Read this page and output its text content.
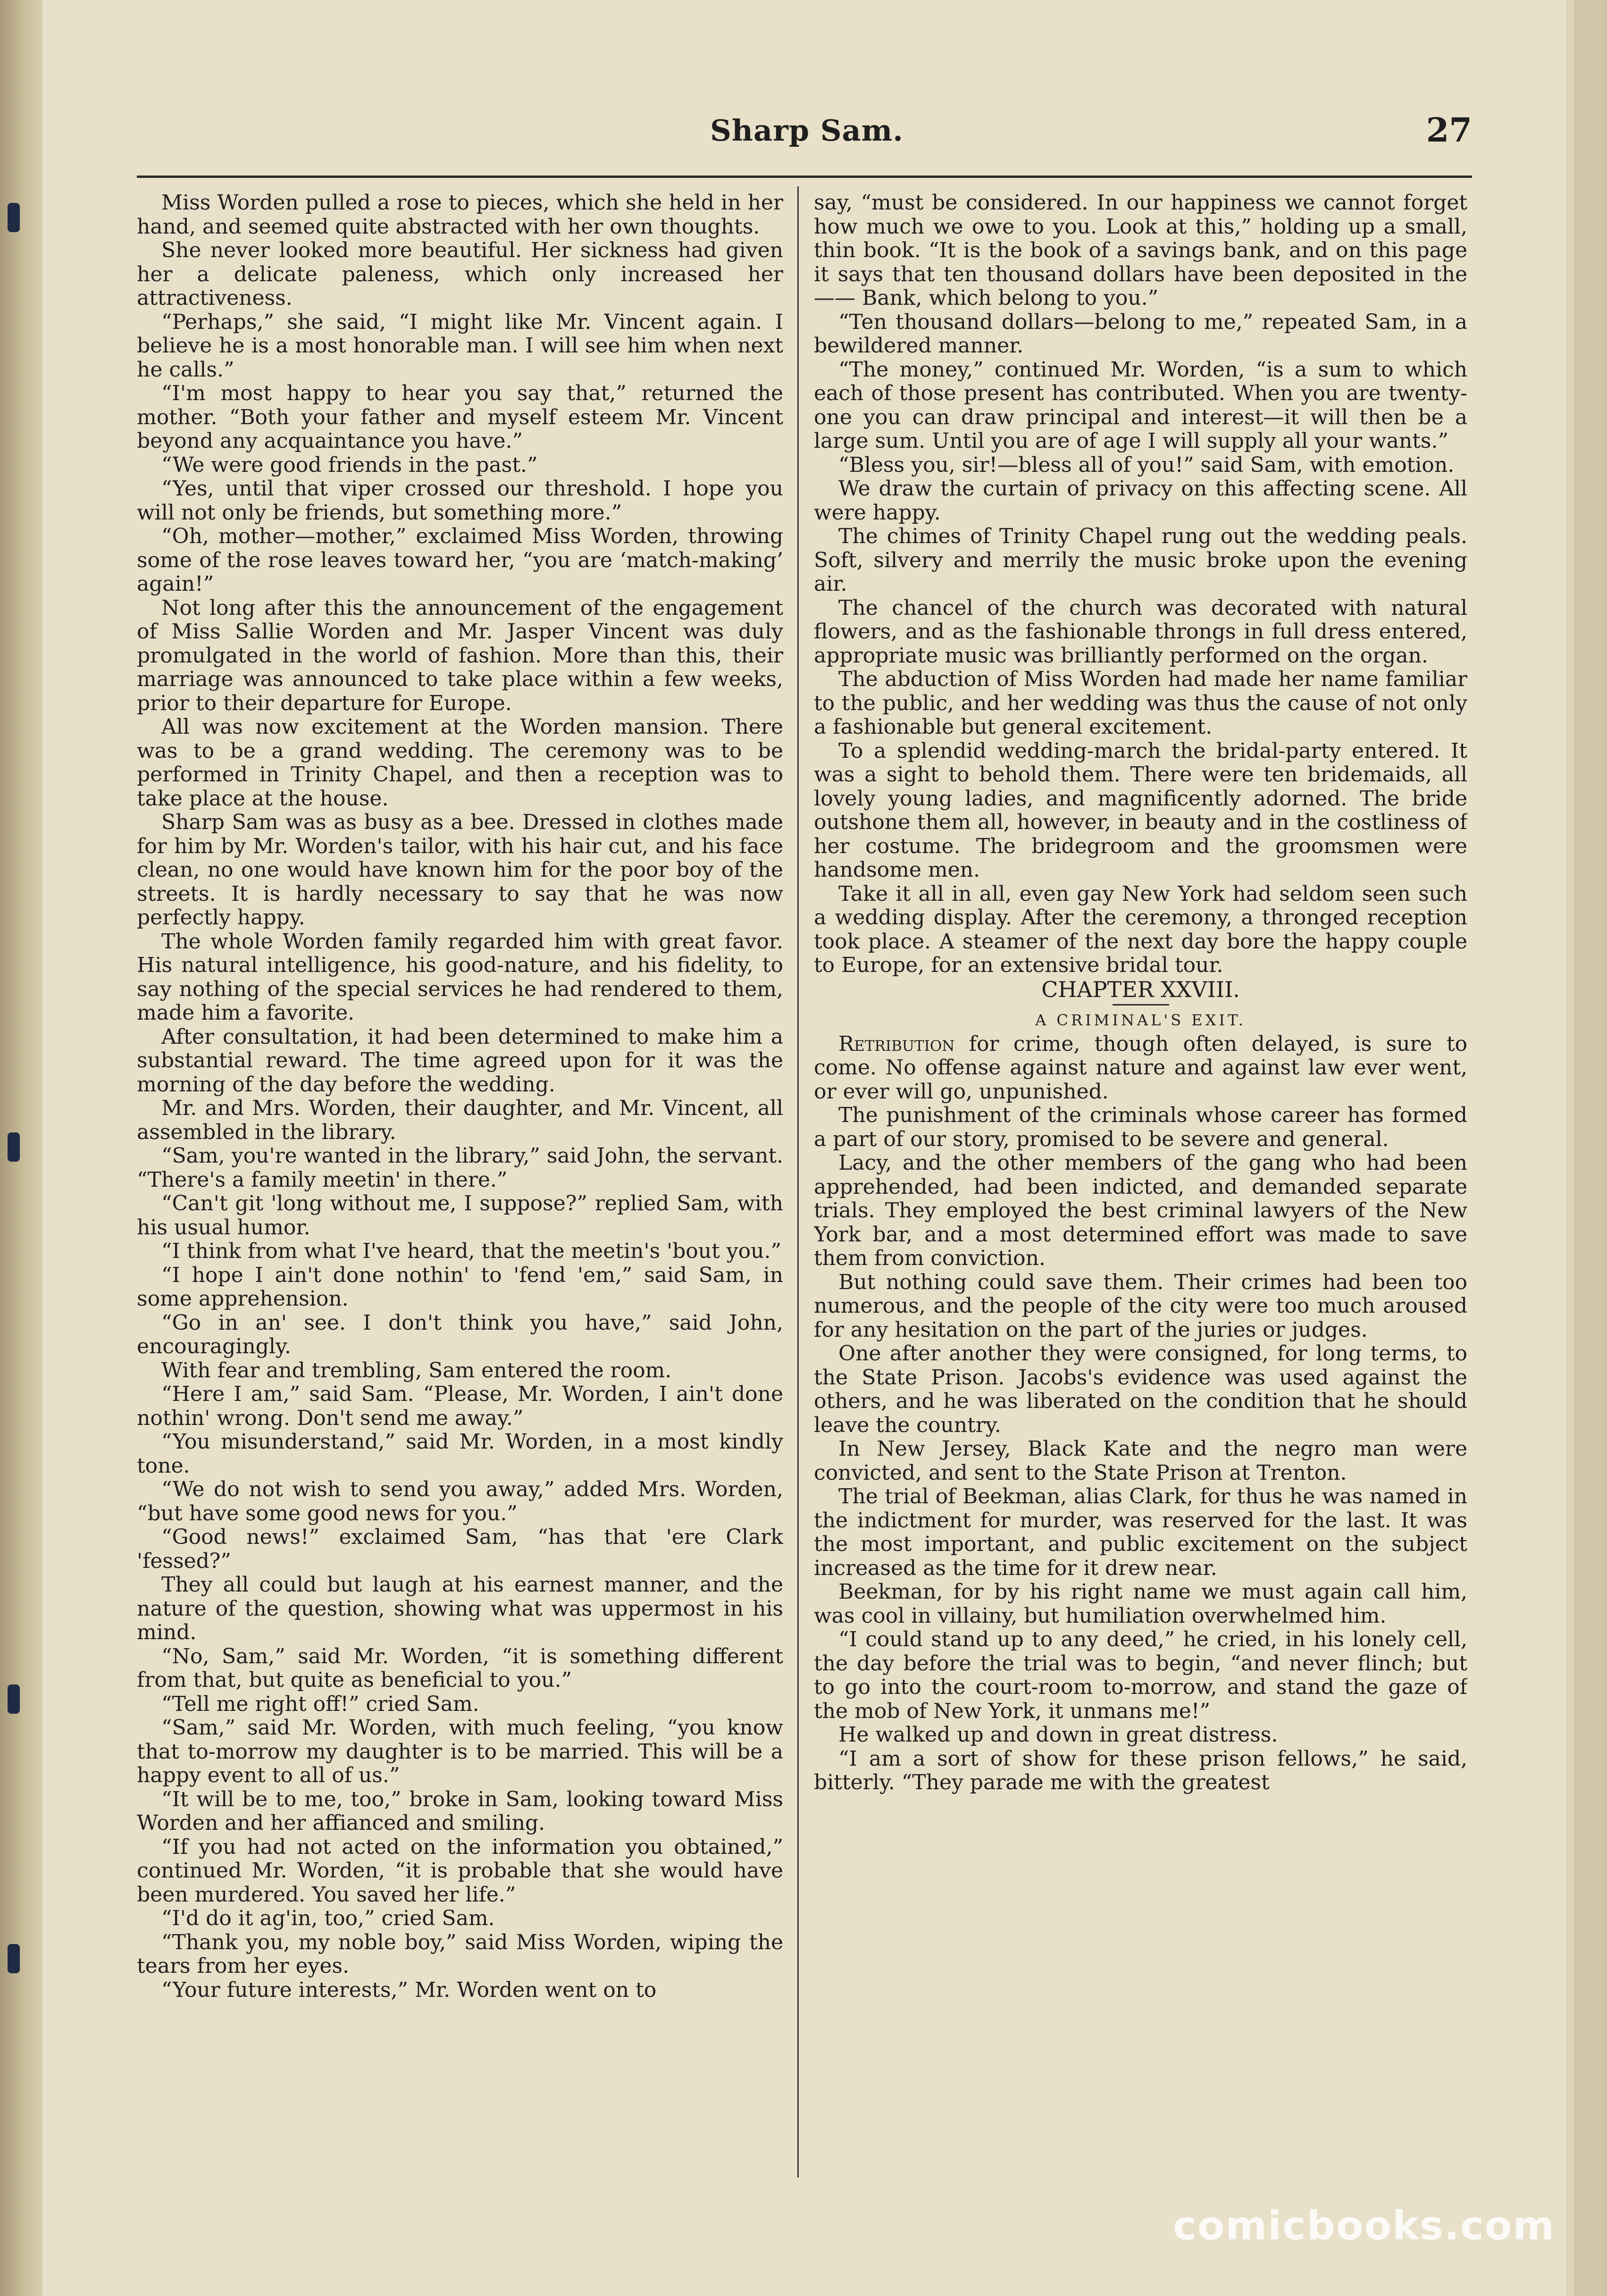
Sharp Sam.	27

Miss Worden pulled a rose to pieces, which she held in her hand, and seemed quite abstracted with her own thoughts.

She never looked more beautiful. Her sickness had given her a delicate paleness, which only increased her attractiveness.

“Perhaps,” she said, “I might like Mr. Vincent again. I believe he is a most honorable man. I will see him when next he calls.”

“I'm most happy to hear you say that,” returned the mother. “Both your father and myself esteem Mr. Vincent beyond any acquaintance you have.”

“We were good friends in the past.”

“Yes, until that viper crossed our threshold. I hope you will not only be friends, but something more.”

“Oh, mother—mother,” exclaimed Miss Worden, throwing some of the rose leaves toward her, “you are ‘match-making’ again!”

Not long after this the announcement of the engagement of Miss Sallie Worden and Mr. Jasper Vincent was duly promulgated in the world of fashion. More than this, their marriage was announced to take place within a few weeks, prior to their departure for Europe.

All was now excitement at the Worden mansion. There was to be a grand wedding. The ceremony was to be performed in Trinity Chapel, and then a reception was to take place at the house.

Sharp Sam was as busy as a bee. Dressed in clothes made for him by Mr. Worden's tailor, with his hair cut, and his face clean, no one would have known him for the poor boy of the streets. It is hardly necessary to say that he was now perfectly happy.

The whole Worden family regarded him with great favor. His natural intelligence, his good-nature, and his fidelity, to say nothing of the special services he had rendered to them, made him a favorite.

After consultation, it had been determined to make him a substantial reward. The time agreed upon for it was the morning of the day before the wedding.

Mr. and Mrs. Worden, their daughter, and Mr. Vincent, all assembled in the library.

“Sam, you're wanted in the library,” said John, the servant. “There's a family meetin' in there.”

“Can't git 'long without me, I suppose?” replied Sam, with his usual humor.

“I think from what I've heard, that the meetin's 'bout you.”

“I hope I ain't done nothin' to 'fend 'em,” said Sam, in some apprehension.

“Go in an' see. I don't think you have,” said John, encouragingly.

With fear and trembling, Sam entered the room.

“Here I am,” said Sam. “Please, Mr. Worden, I ain't done nothin' wrong. Don't send me away.”

“You misunderstand,” said Mr. Worden, in a most kindly tone.

“We do not wish to send you away,” added Mrs. Worden, “but have some good news for you.”

“Good news!” exclaimed Sam, “has that 'ere Clark 'fessed?”

They all could but laugh at his earnest manner, and the nature of the question, showing what was uppermost in his mind.

“No, Sam,” said Mr. Worden, “it is something different from that, but quite as beneficial to you.”

“Tell me right off!” cried Sam.

“Sam,” said Mr. Worden, with much feeling, “you know that to-morrow my daughter is to be married. This will be a happy event to all of us.”

“It will be to me, too,” broke in Sam, looking toward Miss Worden and her affianced and smiling.

“If you had not acted on the information you obtained,” continued Mr. Worden, “it is probable that she would have been murdered. You saved her life.”

“I'd do it ag'in, too,” cried Sam.

“Thank you, my noble boy,” said Miss Worden, wiping the tears from her eyes.

“Your future interests,” Mr. Worden went on to

say, “must be considered. In our happiness we cannot forget how much we owe to you. Look at this,” holding up a small, thin book. “It is the book of a savings bank, and on this page it says that ten thousand dollars have been deposited in the —— Bank, which belong to you.”

“Ten thousand dollars—belong to me,” repeated Sam, in a bewildered manner.

“The money,” continued Mr. Worden, “is a sum to which each of those present has contributed. When you are twenty-one you can draw principal and interest—it will then be a large sum. Until you are of age I will supply all your wants.”

“Bless you, sir!—bless all of you!” said Sam, with emotion.

We draw the curtain of privacy on this affecting scene. All were happy.

The chimes of Trinity Chapel rung out the wedding peals. Soft, silvery and merrily the music broke upon the evening air.

The chancel of the church was decorated with natural flowers, and as the fashionable throngs in full dress entered, appropriate music was brilliantly performed on the organ.

The abduction of Miss Worden had made her name familiar to the public, and her wedding was thus the cause of not only a fashionable but general excitement.

To a splendid wedding-march the bridal-party entered. It was a sight to behold them. There were ten bridemaids, all lovely young ladies, and magnificently adorned. The bride outshone them all, however, in beauty and in the costliness of her costume. The bridegroom and the groomsmen were handsome men.

Take it all in all, even gay New York had seldom seen such a wedding display. After the ceremony, a thronged reception took place. A steamer of the next day bore the happy couple to Europe, for an extensive bridal tour.

CHAPTER XXVIII.

A CRIMINAL'S EXIT.

Retribution for crime, though often delayed, is sure to come. No offense against nature and against law ever went, or ever will go, unpunished.

The punishment of the criminals whose career has formed a part of our story, promised to be severe and general.

Lacy, and the other members of the gang who had been apprehended, had been indicted, and demanded separate trials. They employed the best criminal lawyers of the New York bar, and a most determined effort was made to save them from conviction.

But nothing could save them. Their crimes had been too numerous, and the people of the city were too much aroused for any hesitation on the part of the juries or judges.

One after another they were consigned, for long terms, to the State Prison. Jacobs's evidence was used against the others, and he was liberated on the condition that he should leave the country.

In New Jersey, Black Kate and the negro man were convicted, and sent to the State Prison at Trenton.

The trial of Beekman, alias Clark, for thus he was named in the indictment for murder, was reserved for the last. It was the most important, and public excitement on the subject increased as the time for it drew near.

Beekman, for by his right name we must again call him, was cool in villainy, but humiliation overwhelmed him.

“I could stand up to any deed,” he cried, in his lonely cell, the day before the trial was to begin, “and never flinch; but to go into the court-room to-morrow, and stand the gaze of the mob of New York, it unmans me!”

He walked up and down in great distress.

“I am a sort of show for these prison fellows,” he said, bitterly. “They parade me with the greatest

comicbooks.com
